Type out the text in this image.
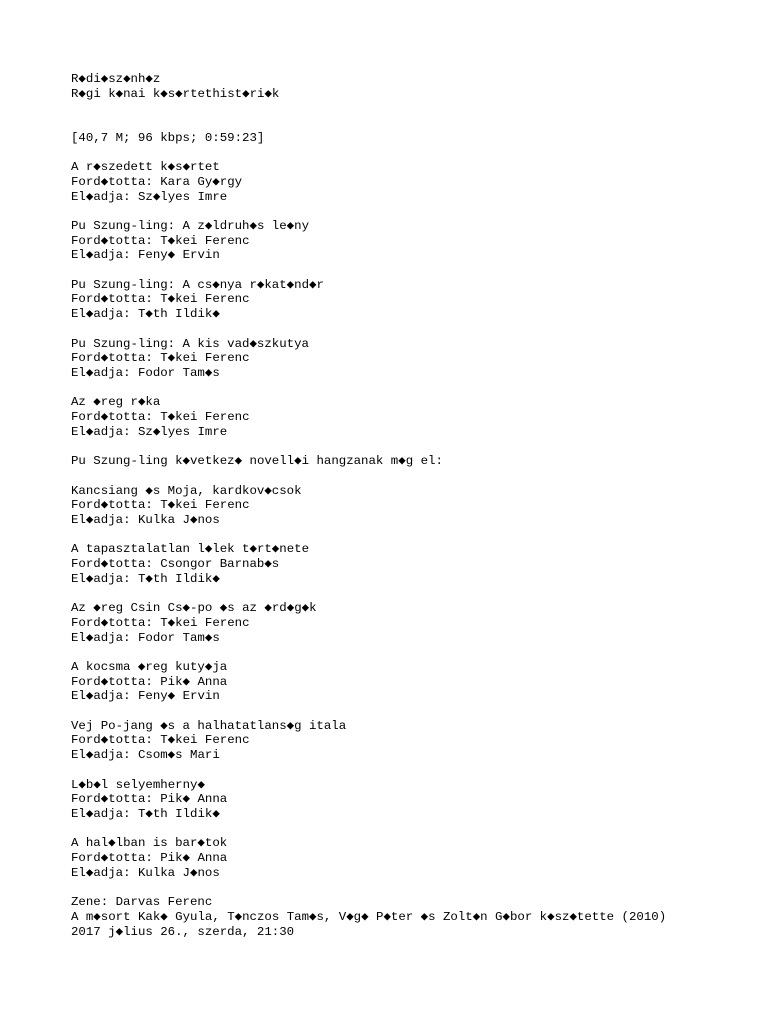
R◆di◆sz◆nh◆z
R◆gi k◆nai k◆s◆rtethist◆ri◆k
[40,7 M; 96 kbps; 0:59:23]
A r◆szedett k◆s◆rtet
Ford◆totta: Kara Gy◆rgy
El◆adja: Sz◆lyes Imre
Pu Szung-ling: A z◆ldruh◆s le◆ny
Ford◆totta: T◆kei Ferenc
El◆adja: Feny◆ Ervin
Pu Szung-ling: A cs◆nya r◆kat◆nd◆r
Ford◆totta: T◆kei Ferenc
El◆adja: T◆th Ildik◆
Pu Szung-ling: A kis vad◆szkutya
Ford◆totta: T◆kei Ferenc
El◆adja: Fodor Tam◆s
Az ◆reg r◆ka
Ford◆totta: T◆kei Ferenc
El◆adja: Sz◆lyes Imre
Pu Szung-ling k◆vetkez◆ novell◆i hangzanak m◆g el:
Kancsiang ◆s Moja, kardkov◆csok
Ford◆totta: T◆kei Ferenc
El◆adja: Kulka J◆nos
A tapasztalatlan l◆lek t◆rt◆nete
Ford◆totta: Csongor Barnab◆s
El◆adja: T◆th Ildik◆
Az ◆reg Csin Cs◆-po ◆s az ◆rd◆g◆k
Ford◆totta: T◆kei Ferenc
El◆adja: Fodor Tam◆s
A kocsma ◆reg kuty◆ja
Ford◆totta: Pik◆ Anna
El◆adja: Feny◆ Ervin
Vej Po-jang ◆s a halhatatlans◆g itala
Ford◆totta: T◆kei Ferenc
El◆adja: Csom◆s Mari
L◆b◆l selyemherny◆
Ford◆totta: Pik◆ Anna
El◆adja: T◆th Ildik◆
A hal◆lban is bar◆tok
Ford◆totta: Pik◆ Anna
El◆adja: Kulka J◆nos
Zene: Darvas Ferenc
A m◆sort Kak◆ Gyula, T◆nczos Tam◆s, V◆g◆ P◆ter ◆s Zolt◆n G◆bor k◆sz◆tette (2010)
2017 j◆lius 26., szerda, 21:30
